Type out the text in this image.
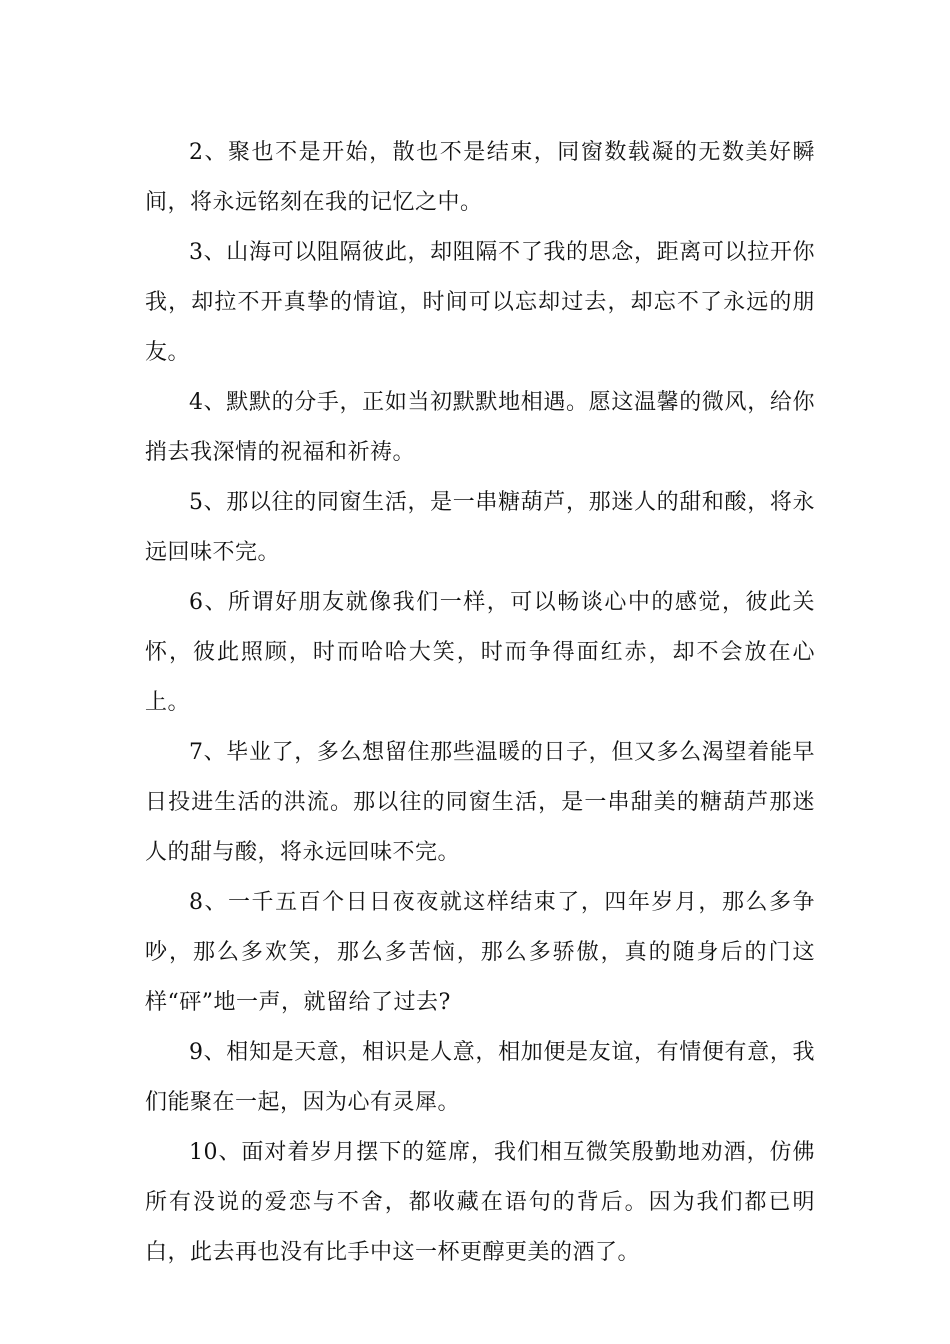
2、聚也不是开始，散也不是结束，同窗数载凝的无数美好瞬间，将永远铭刻在我的记忆之中。

3、山海可以阻隔彼此，却阻隔不了我的思念，距离可以拉开你我，却拉不开真挚的情谊，时间可以忘却过去，却忘不了永远的朋友。

4、默默的分手，正如当初默默地相遇。愿这温馨的微风，给你捎去我深情的祝福和祈祷。

5、那以往的同窗生活，是一串糖葫芦，那迷人的甜和酸，将永远回味不完。

6、所谓好朋友就像我们一样，可以畅谈心中的感觉，彼此关怀，彼此照顾，时而哈哈大笑，时而争得面红赤，却不会放在心上。

7、毕业了，多么想留住那些温暖的日子，但又多么渴望着能早日投进生活的洪流。那以往的同窗生活，是一串甜美的糖葫芦那迷人的甜与酸，将永远回味不完。

8、一千五百个日日夜夜就这样结束了，四年岁月，那么多争吵，那么多欢笑，那么多苦恼，那么多骄傲，真的随身后的门这样“砰”地一声，就留给了过去?

9、相知是天意，相识是人意，相加便是友谊，有情便有意，我们能聚在一起，因为心有灵犀。

10、面对着岁月摆下的筵席，我们相互微笑殷勤地劝酒，仿佛所有没说的爱恋与不舍，都收藏在语句的背后。因为我们都已明白，此去再也没有比手中这一杯更醇更美的酒了。
